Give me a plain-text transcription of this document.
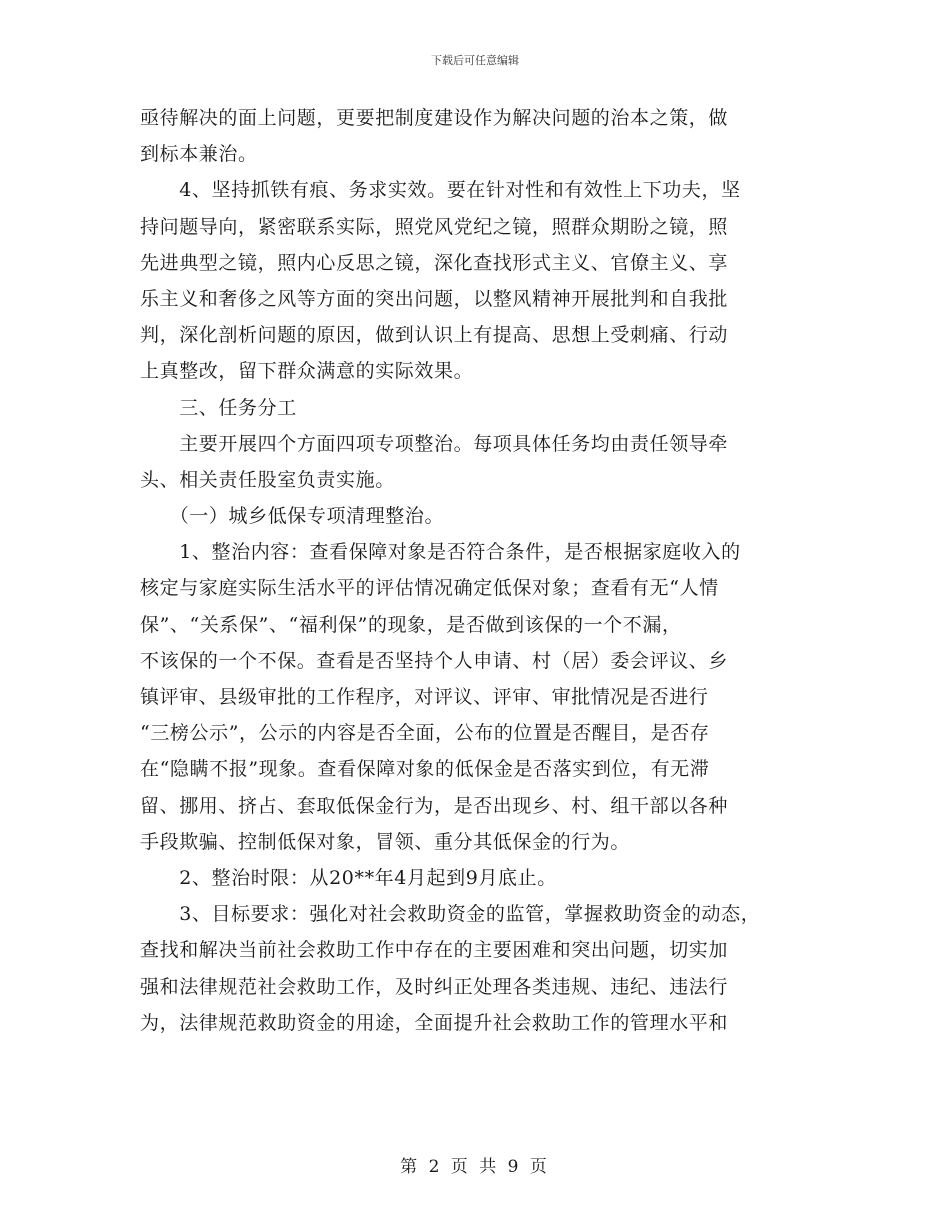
下载后可任意编辑
亟待解决的面上问题，更要把制度建设作为解决问题的治本之策，做
到标本兼治。
　　4、坚持抓铁有痕、务求实效。要在针对性和有效性上下功夫，坚
持问题导向，紧密联系实际，照党风党纪之镜，照群众期盼之镜，照
先进典型之镜，照内心反思之镜，深化查找形式主义、官僚主义、享
乐主义和奢侈之风等方面的突出问题，以整风精神开展批判和自我批
判，深化剖析问题的原因，做到认识上有提高、思想上受刺痛、行动
上真整改，留下群众满意的实际效果。
　　三、任务分工
　　主要开展四个方面四项专项整治。每项具体任务均由责任领导牵
头、相关责任股室负责实施。
　　（一）城乡低保专项清理整治。
　　1、整治内容：查看保障对象是否符合条件，是否根据家庭收入的
核定与家庭实际生活水平的评估情况确定低保对象；查看有无“人情
保”、“关系保”、“福利保”的现象，是否做到该保的一个不漏，
不该保的一个不保。查看是否坚持个人申请、村（居）委会评议、乡
镇评审、县级审批的工作程序，对评议、评审、审批情况是否进行
“三榜公示”，公示的内容是否全面，公布的位置是否醒目，是否存
在“隐瞒不报”现象。查看保障对象的低保金是否落实到位，有无滞
留、挪用、挤占、套取低保金行为，是否出现乡、村、组干部以各种
手段欺骗、控制低保对象，冒领、重分其低保金的行为。
　　2、整治时限：从20**年4月起到9月底止。
　　3、目标要求：强化对社会救助资金的监管，掌握救助资金的动态，
查找和解决当前社会救助工作中存在的主要困难和突出问题，切实加
强和法律规范社会救助工作，及时纠正处理各类违规、违纪、违法行
为，法律规范救助资金的用途，全面提升社会救助工作的管理水平和
第 2 页 共 9 页
